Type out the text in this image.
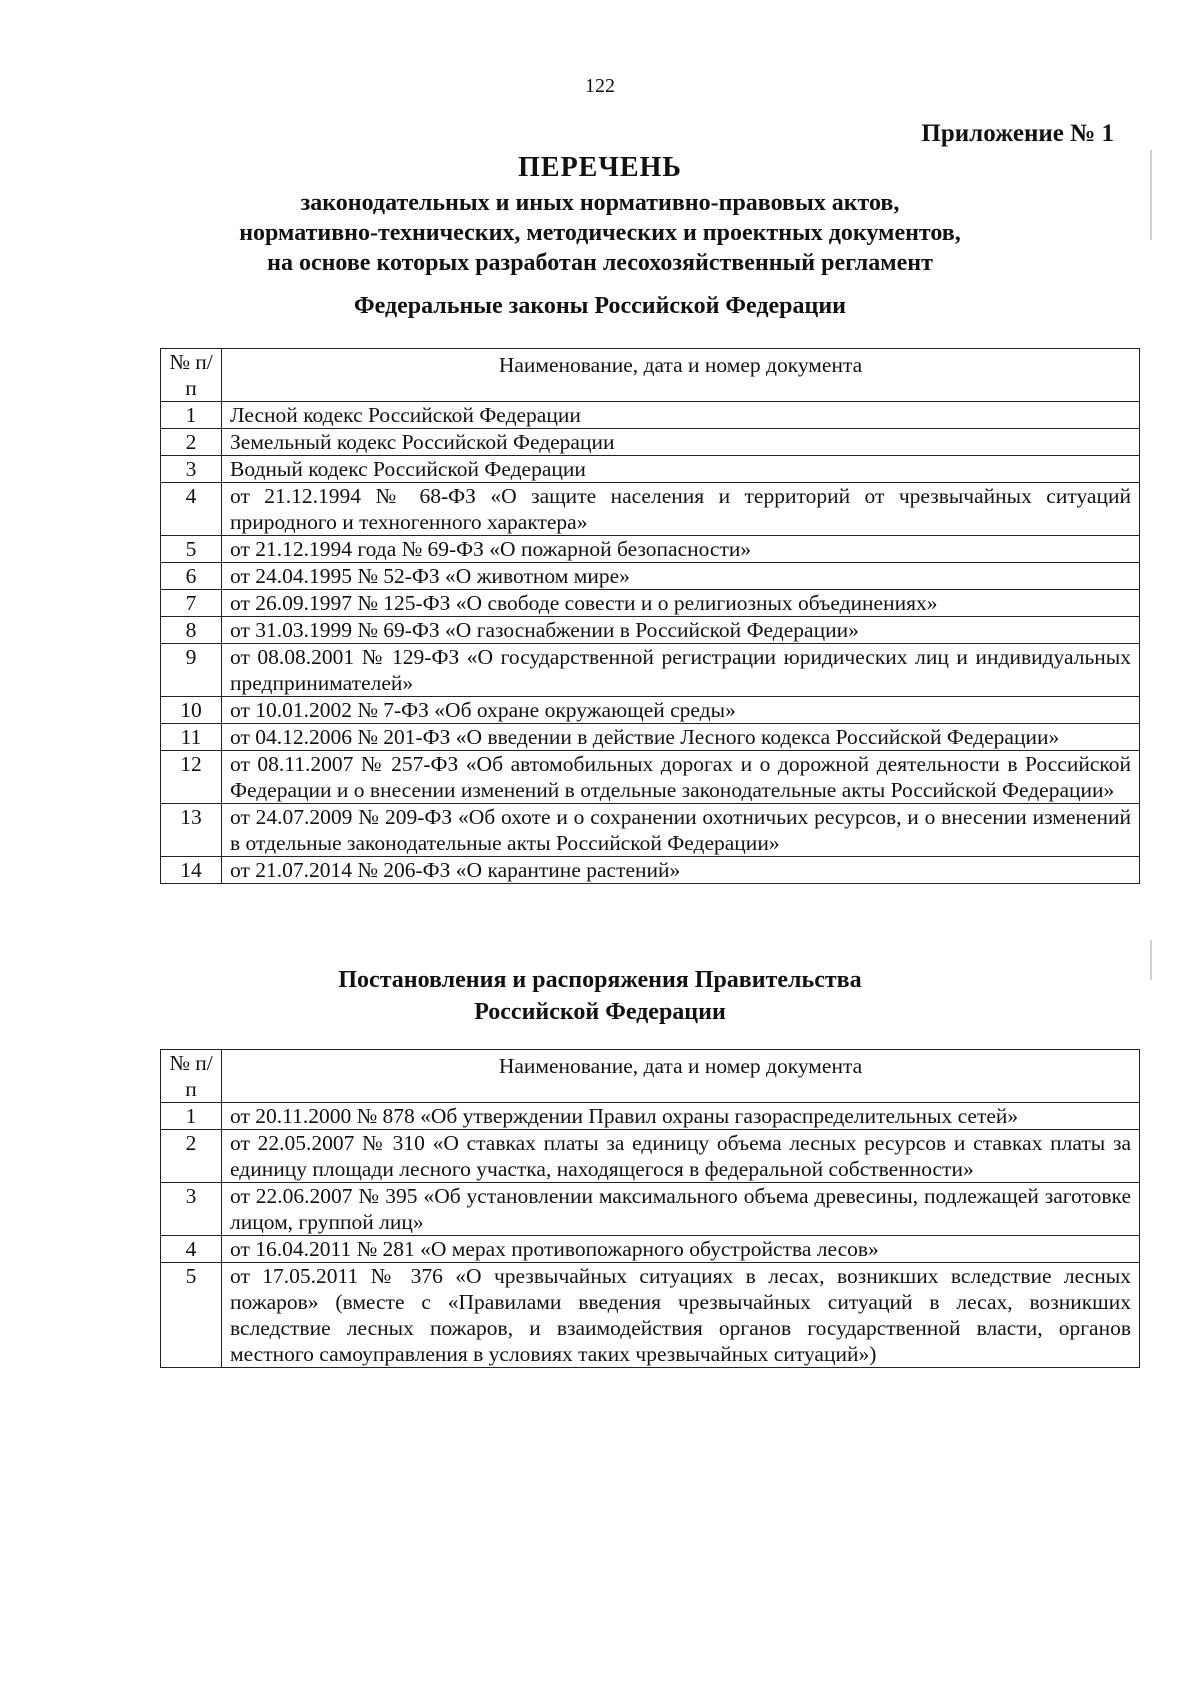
122
Приложение № 1
ПЕРЕЧЕНЬ
законодательных и иных нормативно-правовых актов,
нормативно-технических, методических и проектных документов,
на основе которых разработан лесохозяйственный регламент
Федеральные законы Российской Федерации
№ п/п	Наименование, дата и номер документа
1	Лесной кодекс Российской Федерации
2	Земельный кодекс Российской Федерации
3	Водный кодекс Российской Федерации
4	от 21.12.1994 № 68-ФЗ «О защите населения и территорий от чрезвычайных ситуаций природного и техногенного характера»
5	от 21.12.1994 года № 69-ФЗ «О пожарной безопасности»
6	от 24.04.1995 № 52-ФЗ «О животном мире»
7	от 26.09.1997 № 125-ФЗ «О свободе совести и о религиозных объединениях»
8	от 31.03.1999 № 69-ФЗ «О газоснабжении в Российской Федерации»
9	от 08.08.2001 № 129-ФЗ «О государственной регистрации юридических лиц и индивидуальных предпринимателей»
10	от 10.01.2002 № 7-ФЗ «Об охране окружающей среды»
11	от 04.12.2006 № 201-ФЗ «О введении в действие Лесного кодекса Российской Федерации»
12	от 08.11.2007 № 257-ФЗ «Об автомобильных дорогах и о дорожной деятельности в Российской Федерации и о внесении изменений в отдельные законодательные акты Российской Федерации»
13	от 24.07.2009 № 209-ФЗ «Об охоте и о сохранении охотничьих ресурсов, и о внесении изменений в отдельные законодательные акты Российской Федерации»
14	от 21.07.2014 № 206-ФЗ «О карантине растений»
Постановления и распоряжения Правительства
Российской Федерации
№ п/п	Наименование, дата и номер документа
1	от 20.11.2000 № 878 «Об утверждении Правил охраны газораспределительных сетей»
2	от 22.05.2007 № 310 «О ставках платы за единицу объема лесных ресурсов и ставках платы за единицу площади лесного участка, находящегося в федеральной собственности»
3	от 22.06.2007 № 395 «Об установлении максимального объема древесины, подлежащей заготовке лицом, группой лиц»
4	от 16.04.2011 № 281 «О мерах противопожарного обустройства лесов»
5	от 17.05.2011 № 376 «О чрезвычайных ситуациях в лесах, возникших вследствие лесных пожаров» (вместе с «Правилами введения чрезвычайных ситуаций в лесах, возникших вследствие лесных пожаров, и взаимодействия органов государственной власти, органов местного самоуправления в условиях таких чрезвычайных ситуаций»)
